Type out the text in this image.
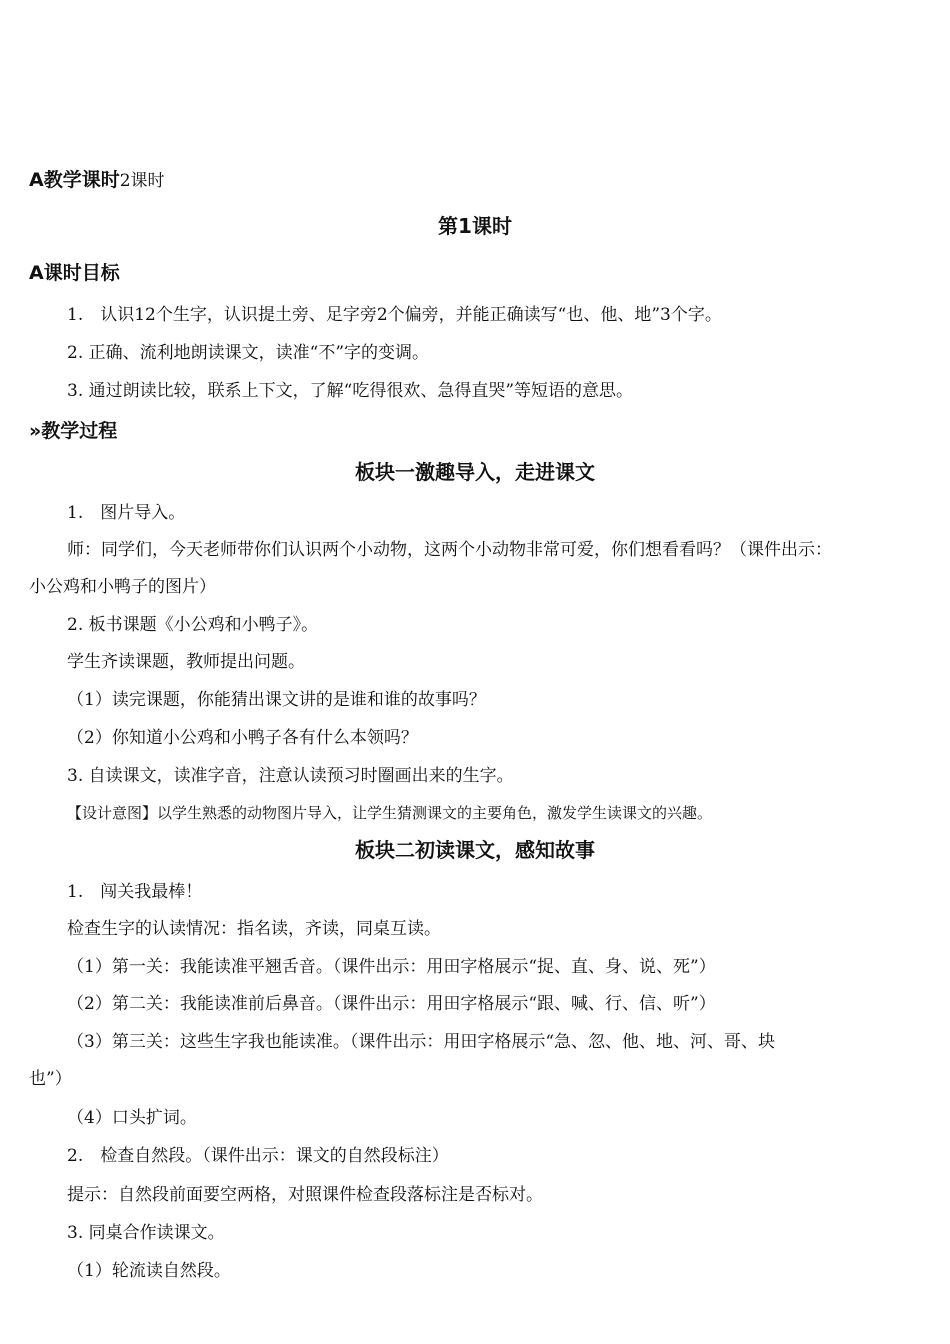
A教学课时2课时
第1课时
A课时目标
1.　认识12个生字，认识提土旁、足字旁2个偏旁，并能正确读写“也、他、地”3个字。
2. 正确、流利地朗读课文，读准“不”字的变调。
3. 通过朗读比较，联系上下文，了解“吃得很欢、急得直哭”等短语的意思。
»教学过程
板块一激趣导入，走进课文
1.　图片导入。
师：同学们，今天老师带你们认识两个小动物，这两个小动物非常可爱，你们想看看吗？（课件出示：
小公鸡和小鸭子的图片）
2. 板书课题《小公鸡和小鸭子》。
学生齐读课题，教师提出问题。
（1）读完课题，你能猜出课文讲的是谁和谁的故事吗？
（2）你知道小公鸡和小鸭子各有什么本领吗？
3. 自读课文，读准字音，注意认读预习时圈画出来的生字。
【设计意图】以学生熟悉的动物图片导入，让学生猜测课文的主要角色，激发学生读课文的兴趣。
板块二初读课文，感知故事
1.　闯关我最棒！
检查生字的认读情况：指名读，齐读，同桌互读。
（1）第一关：我能读准平翘舌音。（课件出示：用田字格展示“捉、直、身、说、死”）
（2）第二关：我能读准前后鼻音。（课件出示：用田字格展示“跟、喊、行、信、听”）
（3）第三关：这些生字我也能读准。（课件出示：用田字格展示“急、忽、他、地、河、哥、块
也”）
（4）口头扩词。
2.　检查自然段。（课件出示：课文的自然段标注）
提示：自然段前面要空两格，对照课件检查段落标注是否标对。
3. 同桌合作读课文。
（1）轮流读自然段。
